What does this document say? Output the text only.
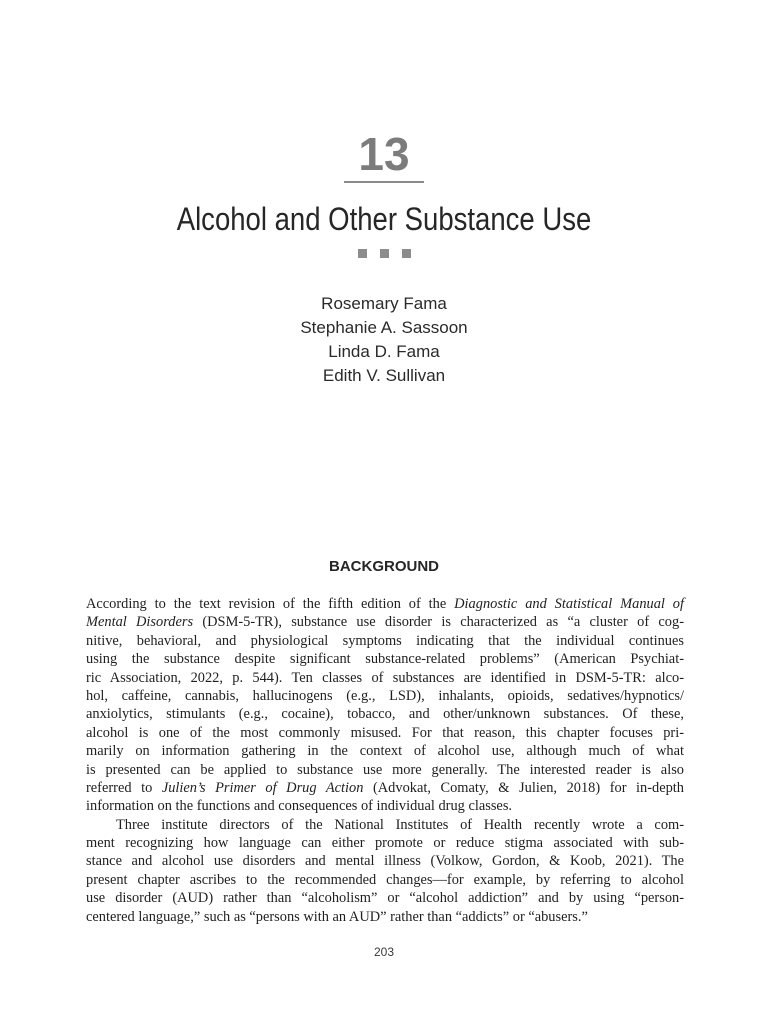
13
Alcohol and Other Substance Use
Rosemary Fama
Stephanie A. Sassoon
Linda D. Fama
Edith V. Sullivan
BACKGROUND
According to the text revision of the fifth edition of the Diagnostic and Statistical Manual of
Mental Disorders (DSM-5-TR), substance use disorder is characterized as “a cluster of cog-
nitive, behavioral, and physiological symptoms indicating that the individual continues
using the substance despite significant substance-related problems” (American Psychiat-
ric Association, 2022, p. 544). Ten classes of substances are identified in DSM-5-TR: alco-
hol, caffeine, cannabis, hallucinogens (e.g., LSD), inhalants, opioids, sedatives/hypnotics/
anxiolytics, stimulants (e.g., cocaine), tobacco, and other/unknown substances. Of these,
alcohol is one of the most commonly misused. For that reason, this chapter focuses pri-
marily on information gathering in the context of alcohol use, although much of what
is presented can be applied to substance use more generally. The interested reader is also
referred to Julien’s Primer of Drug Action (Advokat, Comaty, & Julien, 2018) for in-depth
information on the functions and consequences of individual drug classes.
Three institute directors of the National Institutes of Health recently wrote a com-
ment recognizing how language can either promote or reduce stigma associated with sub-
stance and alcohol use disorders and mental illness (Volkow, Gordon, & Koob, 2021). The
present chapter ascribes to the recommended changes—for example, by referring to alcohol
use disorder (AUD) rather than “alcoholism” or “alcohol addiction” and by using “person-
centered language,” such as “persons with an AUD” rather than “addicts” or “abusers.”
203
